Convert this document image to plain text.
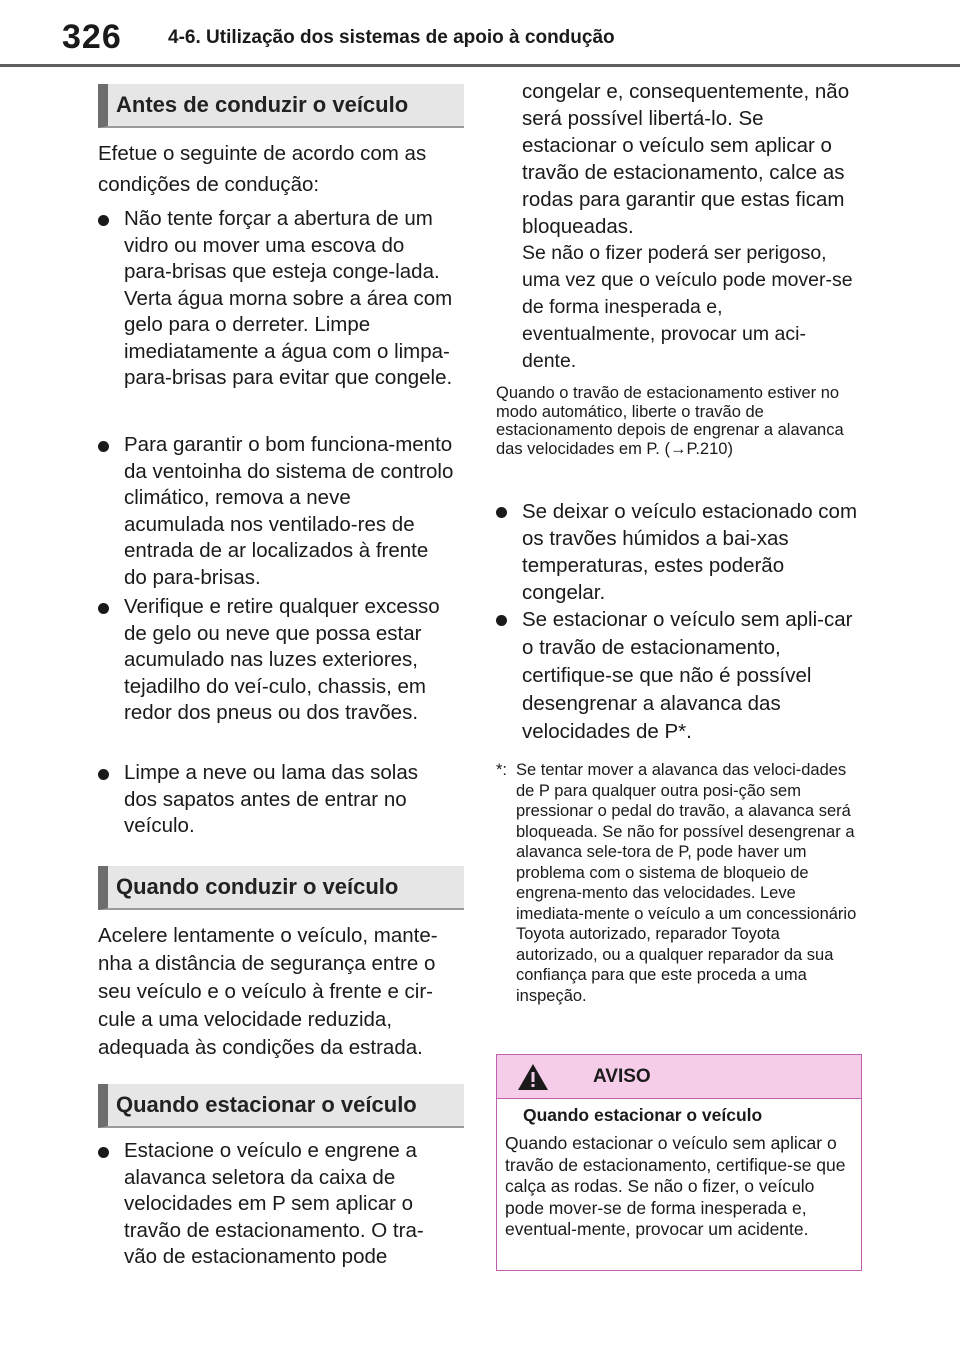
326 4-6. Utilização dos sistemas de apoio à condução
Antes de conduzir o veículo
Efetue o seguinte de acordo com as condições de condução:
Não tente forçar a abertura de um vidro ou mover uma escova do para-brisas que esteja conge-lada. Verta água morna sobre a área com gelo para o derreter. Limpe imediatamente a água com o limpa-para-brisas para evitar que congele.
Para garantir o bom funciona-mento da ventoinha do sistema de controlo climático, remova a neve acumulada nos ventilado-res de entrada de ar localizados à frente do para-brisas.
Verifique e retire qualquer excesso de gelo ou neve que possa estar acumulado nas luzes exteriores, tejadilho do veí-culo, chassis, em redor dos pneus ou dos travões.
Limpe a neve ou lama das solas dos sapatos antes de entrar no veículo.
Quando conduzir o veículo
Acelere lentamente o veículo, mante-nha a distância de segurança entre o seu veículo e o veículo à frente e cir-cule a uma velocidade reduzida, adequada às condições da estrada.
Quando estacionar o veículo
Estacione o veículo e engrene a alavanca seletora da caixa de velocidades em P sem aplicar o travão de estacionamento. O tra-vão de estacionamento pode
congelar e, consequentemente, não será possível libertá-lo. Se estacionar o veículo sem aplicar o travão de estacionamento, calce as rodas para garantir que estas ficam bloqueadas.
Se não o fizer poderá ser perigoso, uma vez que o veículo pode mover-se de forma inesperada e, eventualmente, provocar um aci-dente.
Quando o travão de estacionamento estiver no modo automático, liberte o travão de estacionamento depois de engrenar a alavanca das velocidades em P. (→P.210)
Se deixar o veículo estacionado com os travões húmidos a bai-xas temperaturas, estes poderão congelar.
Se estacionar o veículo sem apli-car o travão de estacionamento, certifique-se que não é possível desengrenar a alavanca das velocidades de P*.
*: Se tentar mover a alavanca das veloci-dades de P para qualquer outra posi-ção sem pressionar o pedal do travão, a alavanca será bloqueada. Se não for possível desengrenar a alavanca sele-tora de P, pode haver um problema com o sistema de bloqueio de engrena-mento das velocidades. Leve imediata-mente o veículo a um concessionário Toyota autorizado, reparador Toyota autorizado, ou a qualquer reparador da sua confiança para que este proceda a uma inspeção.
AVISO
Quando estacionar o veículo
Quando estacionar o veículo sem aplicar o travão de estacionamento, certifique-se que calça as rodas. Se não o fizer, o veículo pode mover-se de forma inesperada e, eventual-mente, provocar um acidente.
